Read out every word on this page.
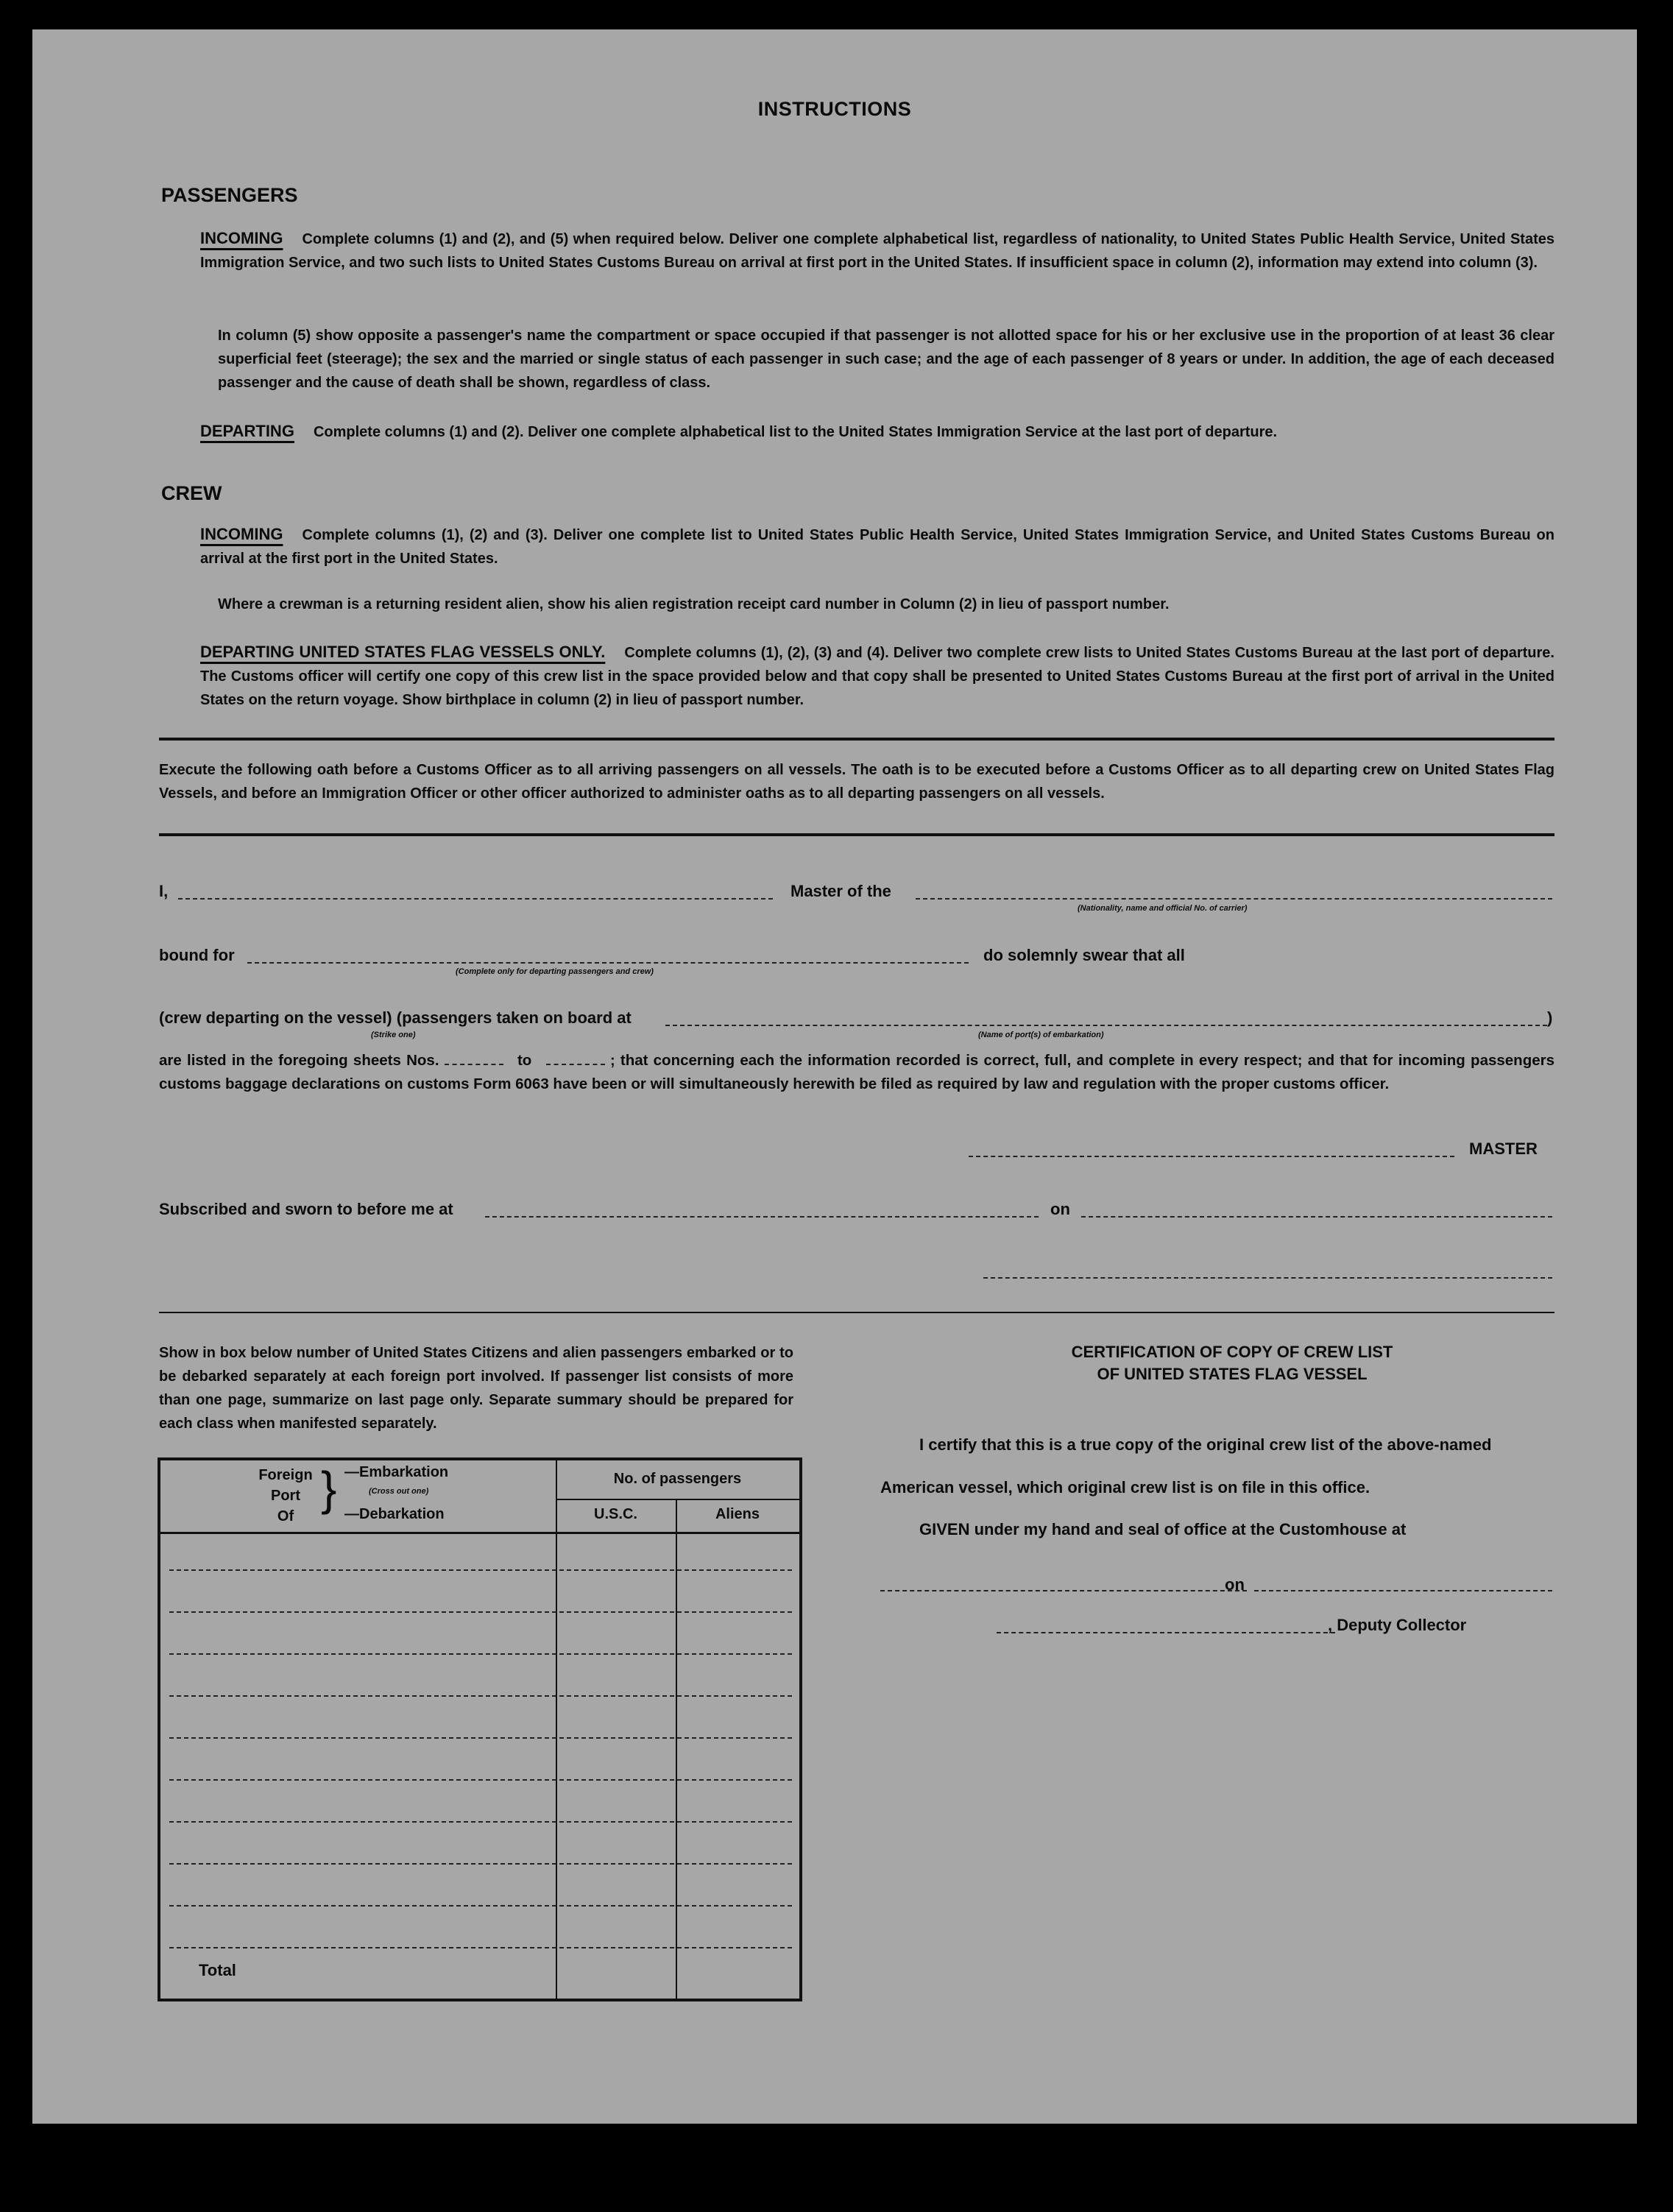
INSTRUCTIONS
PASSENGERS
INCOMING Complete columns (1) and (2), and (5) when required below. Deliver one complete alphabetical list, regardless of nationality, to United States Public Health Service, United States Immigration Service, and two such lists to United States Customs Bureau on arrival at first port in the United States. If insufficient space in column (2), information may extend into column (3).
In column (5) show opposite a passenger's name the compartment or space occupied if that passenger is not allotted space for his or her exclusive use in the proportion of at least 36 clear superficial feet (steerage); the sex and the married or single status of each passenger in such case; and the age of each passenger of 8 years or under. In addition, the age of each deceased passenger and the cause of death shall be shown, regardless of class.
DEPARTING Complete columns (1) and (2). Deliver one complete alphabetical list to the United States Immigration Service at the last port of departure.
CREW
INCOMING Complete columns (1), (2) and (3). Deliver one complete list to United States Public Health Service, United States Immigration Service, and United States Customs Bureau on arrival at the first port in the United States.
Where a crewman is a returning resident alien, show his alien registration receipt card number in Column (2) in lieu of passport number.
DEPARTING UNITED STATES FLAG VESSELS ONLY. Complete columns (1), (2), (3) and (4). Deliver two complete crew lists to United States Customs Bureau at the last port of departure. The Customs officer will certify one copy of this crew list in the space provided below and that copy shall be presented to United States Customs Bureau at the first port of arrival in the United States on the return voyage. Show birthplace in column (2) in lieu of passport number.
Execute the following oath before a Customs Officer as to all arriving passengers on all vessels. The oath is to be executed before a Customs Officer as to all departing crew on United States Flag Vessels, and before an Immigration Officer or other officer authorized to administer oaths as to all departing passengers on all vessels.
I,	Master of the
(Nationality, name and official No. of carrier)
bound for
(Complete only for departing passengers and crew)
do solemnly swear that all
(crew departing on the vessel) (passengers taken on board at	)
(Strike one)	(Name of port(s) of embarkation)
are listed in the foregoing sheets Nos.	to	; that concerning each the information recorded is correct, full, and complete in every respect; and that for incoming passengers customs baggage declarations on customs Form 6063 have been or will simultaneously herewith be filed as required by law and regulation with the proper customs officer.
MASTER
Subscribed and sworn to before me at	on
Show in box below number of United States Citizens and alien passengers embarked or to be debarked separately at each foreign port involved. If passenger list consists of more than one page, summarize on last page only. Separate summary should be prepared for each class when manifested separately.
Foreign
Port
Of
} —Embarkation
(Cross out one)
—Debarkation
No. of passengers
U.S.C.	Aliens
Total
CERTIFICATION OF COPY OF CREW LIST
OF UNITED STATES FLAG VESSEL
I certify that this is a true copy of the original crew list of the above-named
American vessel, which original crew list is on file in this office.
GIVEN under my hand and seal of office at the Customhouse at
on
, Deputy Collector
